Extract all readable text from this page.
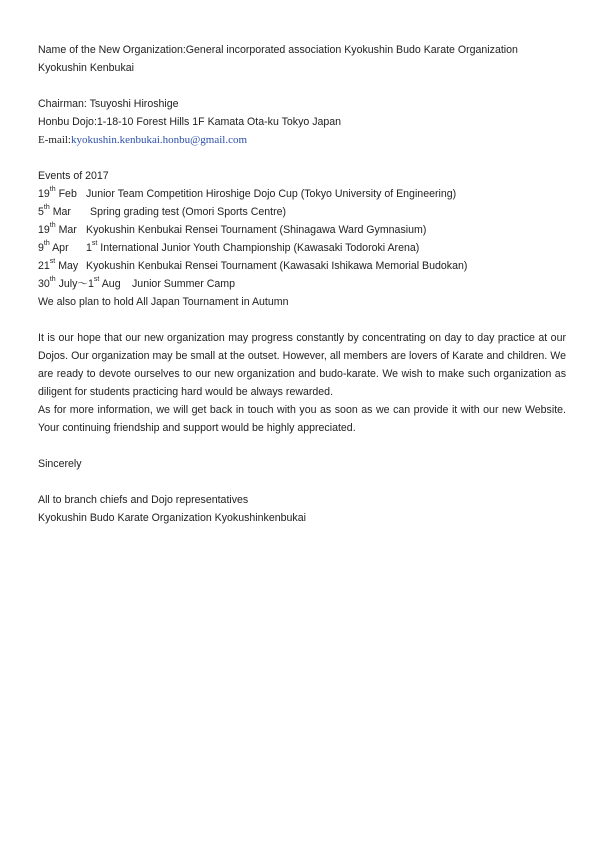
Name of the New Organization:General incorporated association Kyokushin Budo Karate Organization
Kyokushin Kenbukai
Chairman: Tsuyoshi Hiroshige
Honbu Dojo:1-18-10 Forest Hills 1F Kamata Ota-ku Tokyo Japan
E-mail:kyokushin.kenbukai.honbu@gmail.com
Events of 2017
19th Feb Junior Team Competition Hiroshige Dojo Cup (Tokyo University of Engineering)
5th Mar Spring grading test (Omori Sports Centre)
19th Mar Kyokushin Kenbukai Rensei Tournament (Shinagawa Ward Gymnasium)
9th Apr 1st International Junior Youth Championship (Kawasaki Todoroki Arena)
21st May Kyokushin Kenbukai Rensei Tournament (Kawasaki Ishikawa Memorial Budokan)
30th July～1st Aug Junior Summer Camp
We also plan to hold All Japan Tournament in Autumn
It is our hope that our new organization may progress constantly by concentrating on day to day practice at our Dojos. Our organization may be small at the outset. However, all members are lovers of Karate and children. We are ready to devote ourselves to our new organization and budo-karate. We wish to make such organization as diligent for students practicing hard would be always rewarded.
As for more information, we will get back in touch with you as soon as we can provide it with our new Website. Your continuing friendship and support would be highly appreciated.
Sincerely
All to branch chiefs and Dojo representatives
Kyokushin Budo Karate Organization Kyokushinkenbukai
